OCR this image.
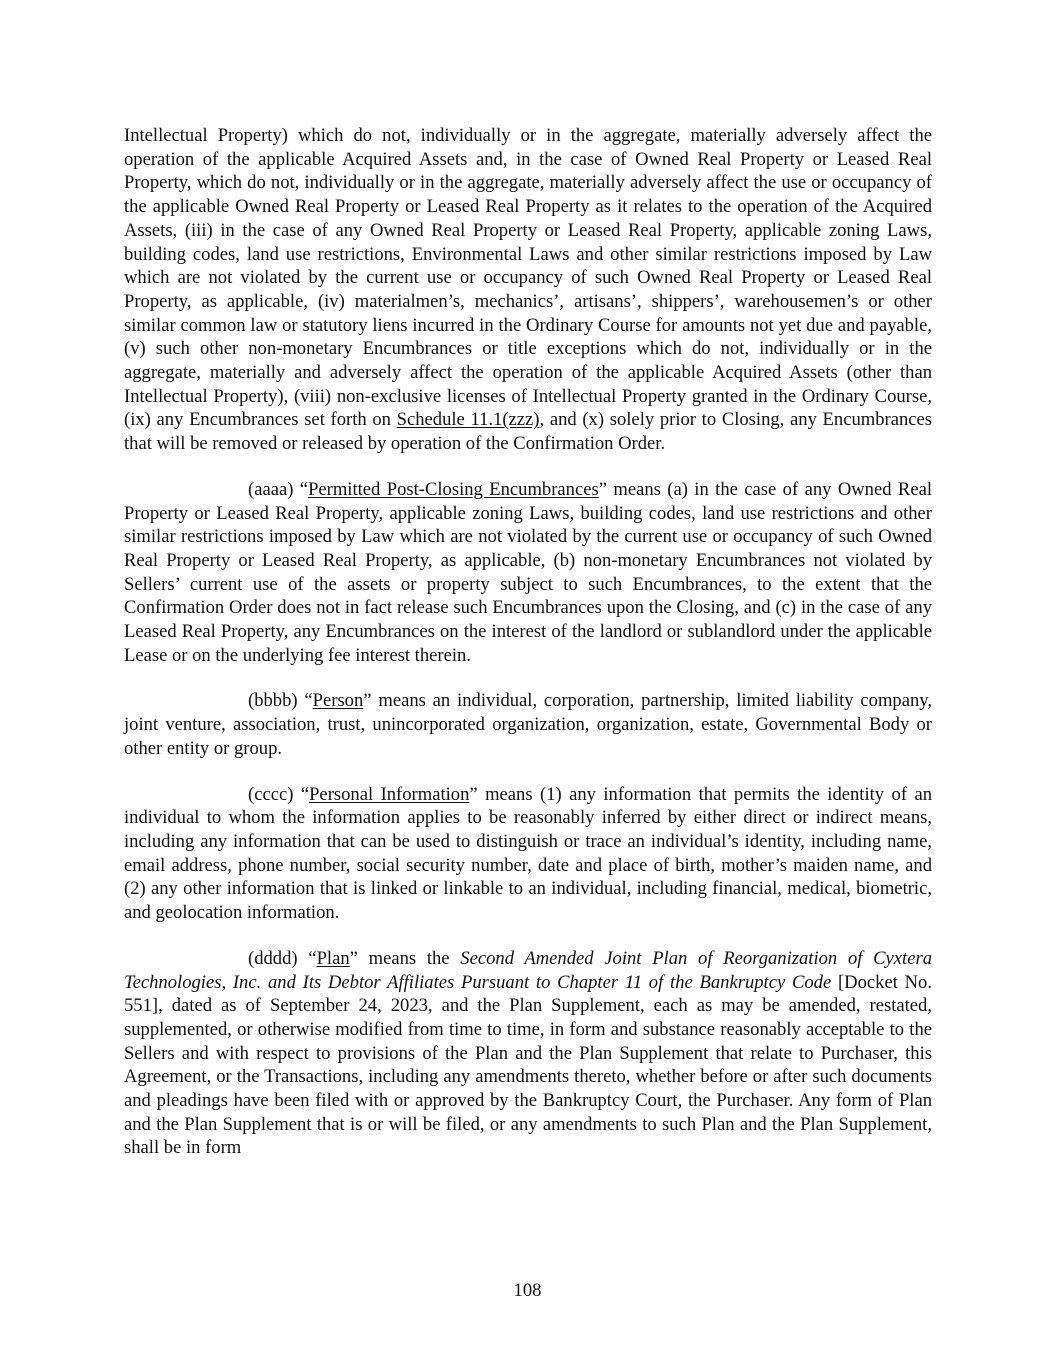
Intellectual Property) which do not, individually or in the aggregate, materially adversely affect the operation of the applicable Acquired Assets and, in the case of Owned Real Property or Leased Real Property, which do not, individually or in the aggregate, materially adversely affect the use or occupancy of the applicable Owned Real Property or Leased Real Property as it relates to the operation of the Acquired Assets, (iii) in the case of any Owned Real Property or Leased Real Property, applicable zoning Laws, building codes, land use restrictions, Environmental Laws and other similar restrictions imposed by Law which are not violated by the current use or occupancy of such Owned Real Property or Leased Real Property, as applicable, (iv) materialmen’s, mechanics’, artisans’, shippers’, warehousemen’s or other similar common law or statutory liens incurred in the Ordinary Course for amounts not yet due and payable, (v) such other non-monetary Encumbrances or title exceptions which do not, individually or in the aggregate, materially and adversely affect the operation of the applicable Acquired Assets (other than Intellectual Property), (viii) non-exclusive licenses of Intellectual Property granted in the Ordinary Course, (ix) any Encumbrances set forth on Schedule 11.1(zzz), and (x) solely prior to Closing, any Encumbrances that will be removed or released by operation of the Confirmation Order.

(aaaa) “Permitted Post-Closing Encumbrances” means (a) in the case of any Owned Real Property or Leased Real Property, applicable zoning Laws, building codes, land use restrictions and other similar restrictions imposed by Law which are not violated by the current use or occupancy of such Owned Real Property or Leased Real Property, as applicable, (b) non-monetary Encumbrances not violated by Sellers’ current use of the assets or property subject to such Encumbrances, to the extent that the Confirmation Order does not in fact release such Encumbrances upon the Closing, and (c) in the case of any Leased Real Property, any Encumbrances on the interest of the landlord or sublandlord under the applicable Lease or on the underlying fee interest therein.

(bbbb) “Person” means an individual, corporation, partnership, limited liability company, joint venture, association, trust, unincorporated organization, organization, estate, Governmental Body or other entity or group.

(cccc) “Personal Information” means (1) any information that permits the identity of an individual to whom the information applies to be reasonably inferred by either direct or indirect means, including any information that can be used to distinguish or trace an individual’s identity, including name, email address, phone number, social security number, date and place of birth, mother’s maiden name, and (2) any other information that is linked or linkable to an individual, including financial, medical, biometric, and geolocation information.

(dddd) “Plan” means the Second Amended Joint Plan of Reorganization of Cyxtera Technologies, Inc. and Its Debtor Affiliates Pursuant to Chapter 11 of the Bankruptcy Code [Docket No. 551], dated as of September 24, 2023, and the Plan Supplement, each as may be amended, restated, supplemented, or otherwise modified from time to time, in form and substance reasonably acceptable to the Sellers and with respect to provisions of the Plan and the Plan Supplement that relate to Purchaser, this Agreement, or the Transactions, including any amendments thereto, whether before or after such documents and pleadings have been filed with or approved by the Bankruptcy Court, the Purchaser. Any form of Plan and the Plan Supplement that is or will be filed, or any amendments to such Plan and the Plan Supplement, shall be in form

108
